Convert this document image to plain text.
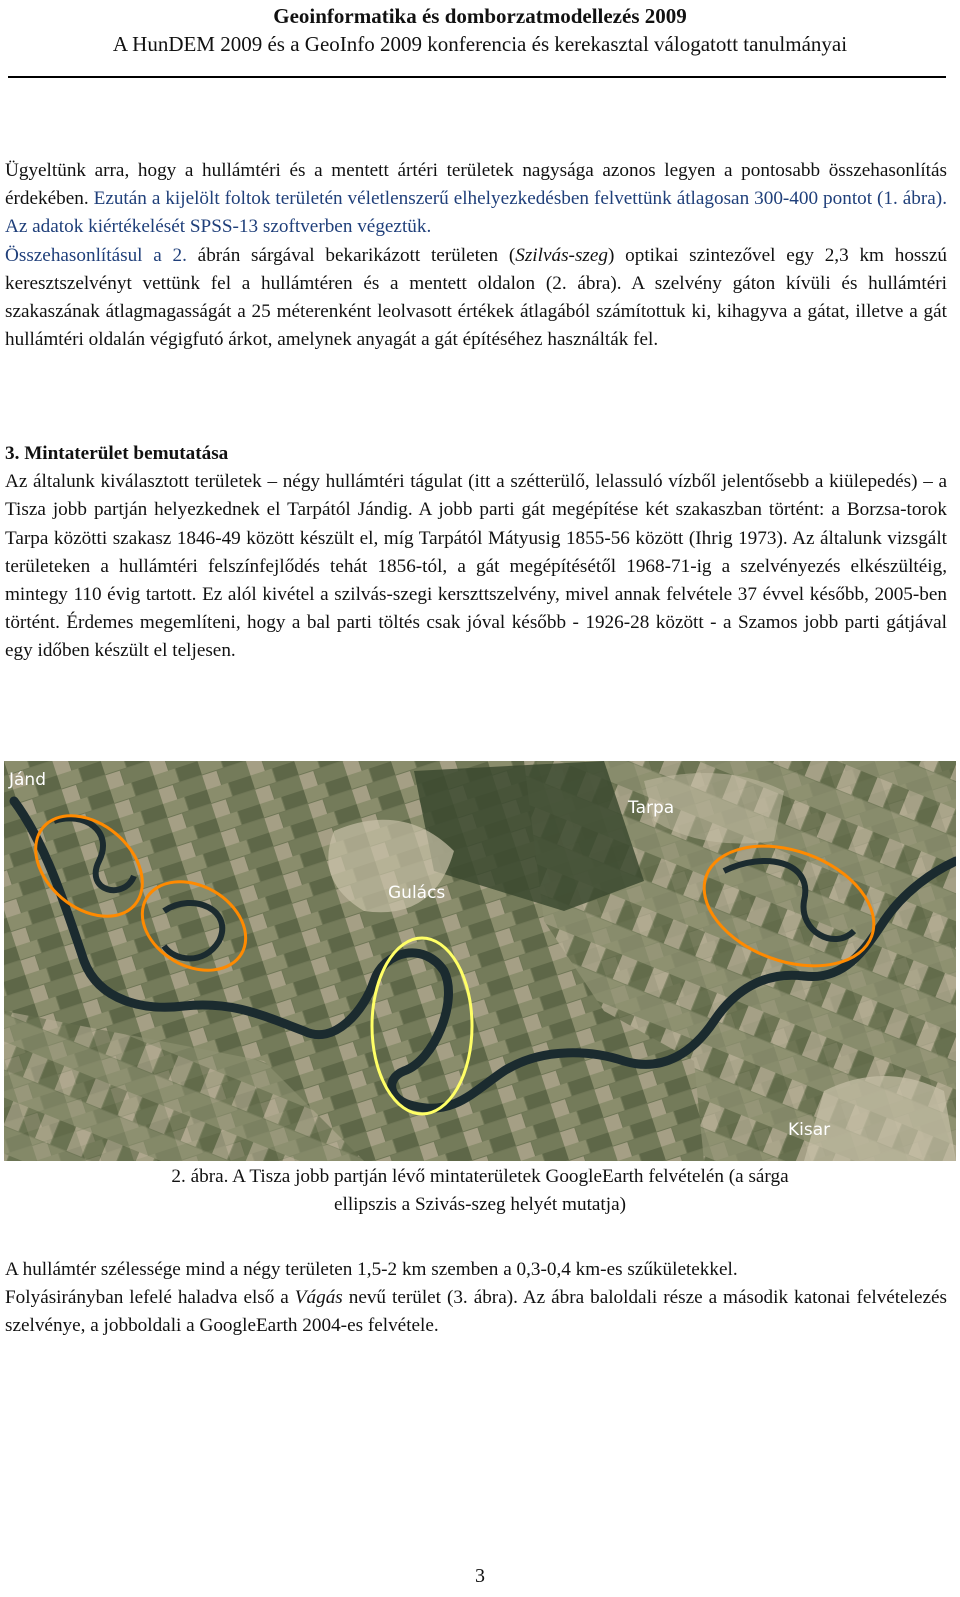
Geoinformatika és domborzatmodellezés 2009
A HunDEM 2009 és a GeoInfo 2009 konferencia és kerekasztal válogatott tanulmányai

Ügyeltünk arra, hogy a hullámtéri és a mentett ártéri területek nagysága azonos legyen a pontosabb összehasonlítás érdekében. Ezután a kijelölt foltok területén véletlenszerű elhelyezkedésben felvettünk átlagosan 300-400 pontot (1. ábra). Az adatok kiértékelését SPSS-13 szoftverben végeztük.

Összehasonlításul a 2. ábrán sárgával bekarikázott területen (Szilvás-szeg) optikai szintezővel egy 2,3 km hosszú keresztszelvényt vettünk fel a hullámtéren és a mentett oldalon (2. ábra). A szelvény gáton kívüli és hullámtéri szakaszának átlagmagasságát a 25 méterenként leolvasott értékek átlagából számítottuk ki, kihagyva a gátat, illetve a gát hullámtéri oldalán végigfutó árkot, amelynek anyagát a gát építéséhez használták fel.

3. Mintaterület bemutatása

Az általunk kiválasztott területek – négy hullámtéri tágulat (itt a szétterülő, lelassuló vízből jelentősebb a kiülepedés) – a Tisza jobb partján helyezkednek el Tarpától Jándig. A jobb parti gát megépítése két szakaszban történt: a Borzsa-torok Tarpa közötti szakasz 1846-49 között készült el, míg Tarpától Mátyusig 1855-56 között (Ihrig 1973). Az általunk vizsgált területeken a hullámtéri felszínfejlődés tehát 1856-tól, a gát megépítésétől 1968-71-ig a szelvényezés elkészültéig, mintegy 110 évig tartott. Ez alól kivétel a szilvás-szegi kerszttszelvény, mivel annak felvétele 37 évvel később, 2005-ben történt. Érdemes megemlíteni, hogy a bal parti töltés csak jóval később - 1926-28 között - a Szamos jobb parti gátjával egy időben készült el teljesen.

Jánd
Tarpa
Gulács
Kisar
2. ábra. A Tisza jobb partján lévő mintaterületek GoogleEarth felvételén (a sárga
ellipszis a Szivás-szeg helyét mutatja)

A hullámtér szélessége mind a négy területen 1,5-2 km szemben a 0,3-0,4 km-es szűkületekkel.

Folyásirányban lefelé haladva első a Vágás nevű terület (3. ábra). Az ábra baloldali része a második katonai felvételezés szelvénye, a jobboldali a GoogleEarth 2004-es felvétele.

3
